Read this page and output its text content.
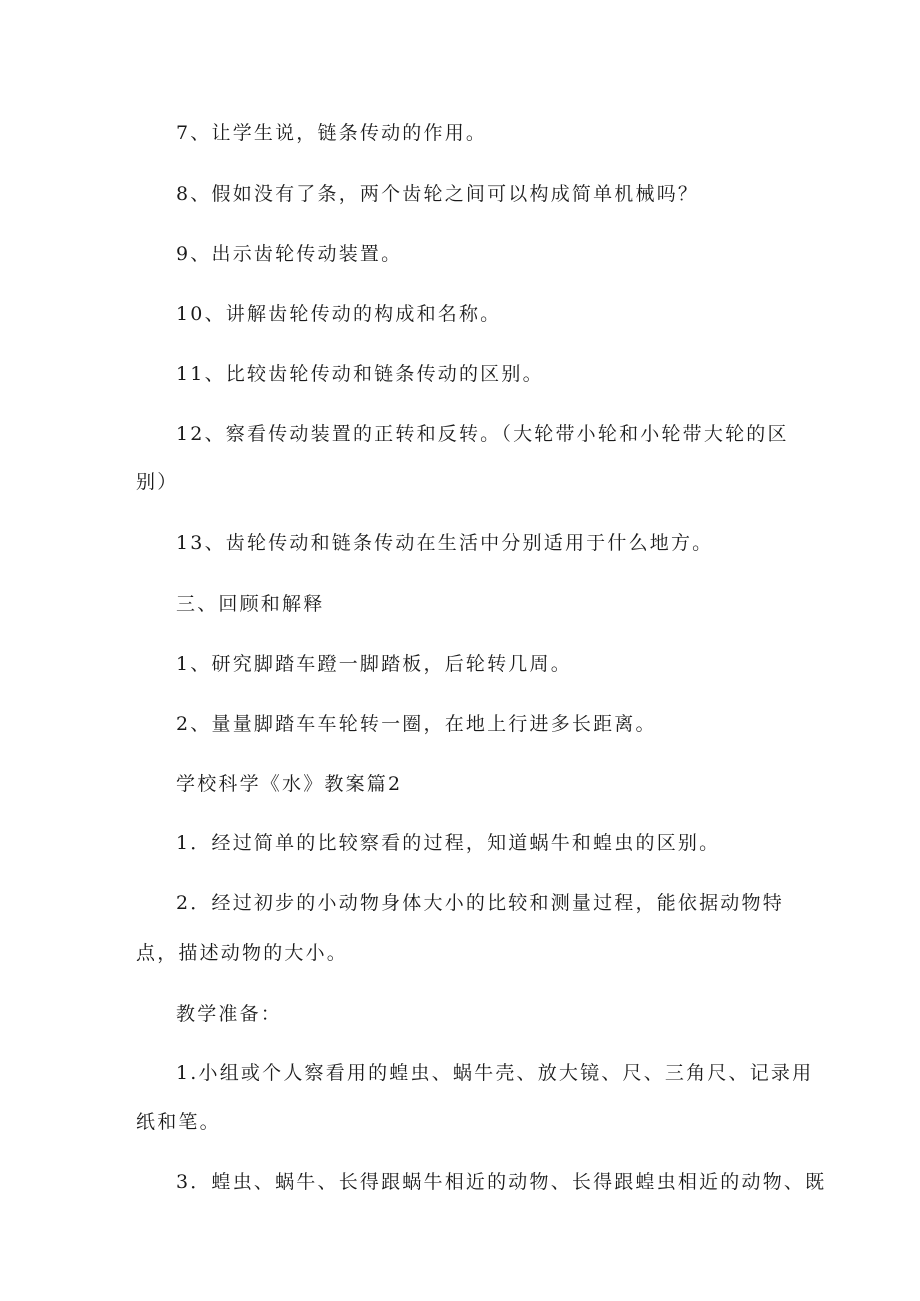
7、让学生说，链条传动的作用。
8、假如没有了条，两个齿轮之间可以构成简单机械吗？
9、出示齿轮传动装置。
10、讲解齿轮传动的构成和名称。
11、比较齿轮传动和链条传动的区别。
12、察看传动装置的正转和反转。（大轮带小轮和小轮带大轮的区
别）
13、齿轮传动和链条传动在生活中分别适用于什么地方。
三、回顾和解释
1、研究脚踏车蹬一脚踏板，后轮转几周。
2、量量脚踏车车轮转一圈，在地上行进多长距离。
学校科学《水》教案篇2
1．经过简单的比较察看的过程，知道蜗牛和蝗虫的区别。
2．经过初步的小动物身体大小的比较和测量过程，能依据动物特
点，描述动物的大小。
教学准备：
1.小组或个人察看用的蝗虫、蜗牛壳、放大镜、尺、三角尺、记录用
纸和笔。
3．蝗虫、蜗牛、长得跟蜗牛相近的动物、长得跟蝗虫相近的动物、既
